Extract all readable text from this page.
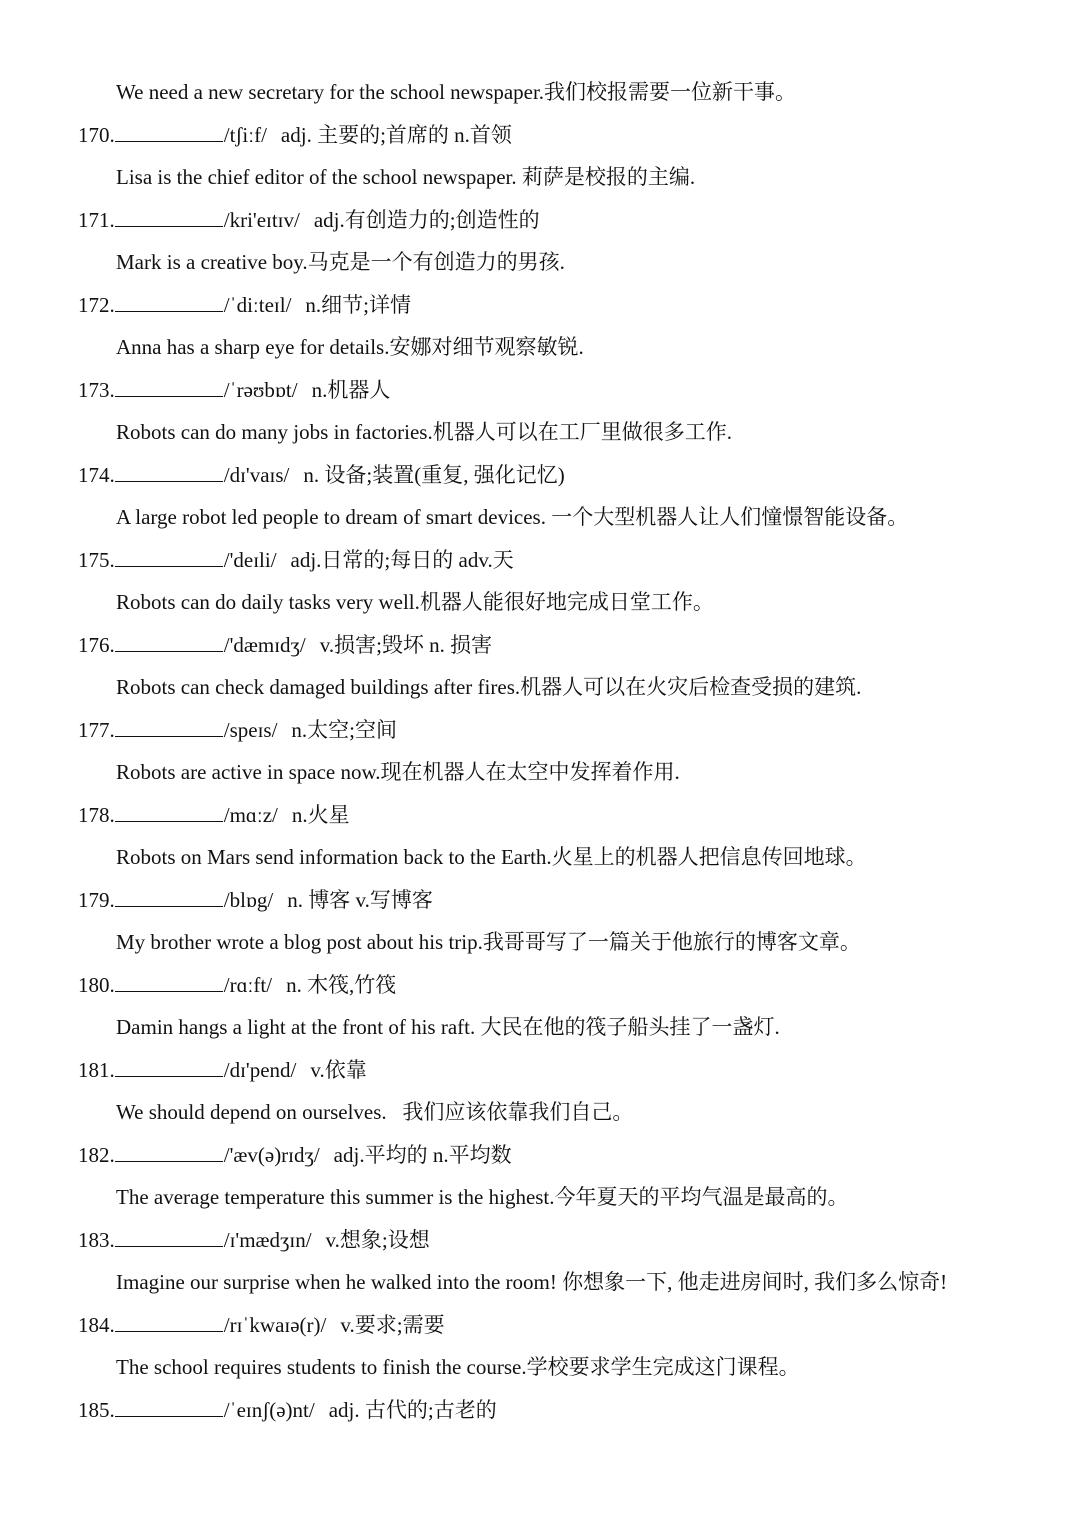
We need a new secretary for the school newspaper.我们校报需要一位新干事。
170.	/tʃiːf/ adj. 主要的;首席的 n.首领
Lisa is the chief editor of the school newspaper. 莉萨是校报的主编.
171.	/kri'eɪtɪv/ adj.有创造力的;创造性的
Mark is a creative boy.马克是一个有创造力的男孩.
172.	/ˈdiːteɪl/ n.细节;详情
Anna has a sharp eye for details.安娜对细节观察敏锐.
173.	/ˈrəʊbɒt/ n.机器人
Robots can do many jobs in factories.机器人可以在工厂里做很多工作.
174.	/dɪ'vaɪs/ n. 设备;装置(重复, 强化记忆)
A large robot led people to dream of smart devices. 一个大型机器人让人们憧憬智能设备。
175.	/'deɪli/ adj.日常的;每日的 adv.天
Robots can do daily tasks very well.机器人能很好地完成日堂工作。
176.	/'dæmɪdʒ/ v.损害;毁坏 n. 损害
Robots can check damaged buildings after fires.机器人可以在火灾后检查受损的建筑.
177.	/speɪs/ n.太空;空间
Robots are active in space now.现在机器人在太空中发挥着作用.
178.	/mɑːz/ n.火星
Robots on Mars send information back to the Earth.火星上的机器人把信息传回地球。
179.	/blɒg/ n. 博客 v.写博客
My brother wrote a blog post about his trip.我哥哥写了一篇关于他旅行的博客文章。
180.	/rɑːft/ n. 木筏,竹筏
Damin hangs a light at the front of his raft. 大民在他的筏子船头挂了一盏灯.
181.	/dɪ'pend/ v.依靠
We should depend on ourselves.   我们应该依靠我们自己。
182.	/'æv(ə)rɪdʒ/ adj.平均的 n.平均数
The average temperature this summer is the highest.今年夏天的平均气温是最高的。
183.	/ɪ'mædʒɪn/ v.想象;设想
Imagine our surprise when he walked into the room! 你想象一下, 他走进房间时, 我们多么惊奇!
184.	/rɪˈkwaɪə(r)/ v.要求;需要
The school requires students to finish the course.学校要求学生完成这门课程。
185.	/ˈeɪnʃ(ə)nt/ adj. 古代的;古老的
